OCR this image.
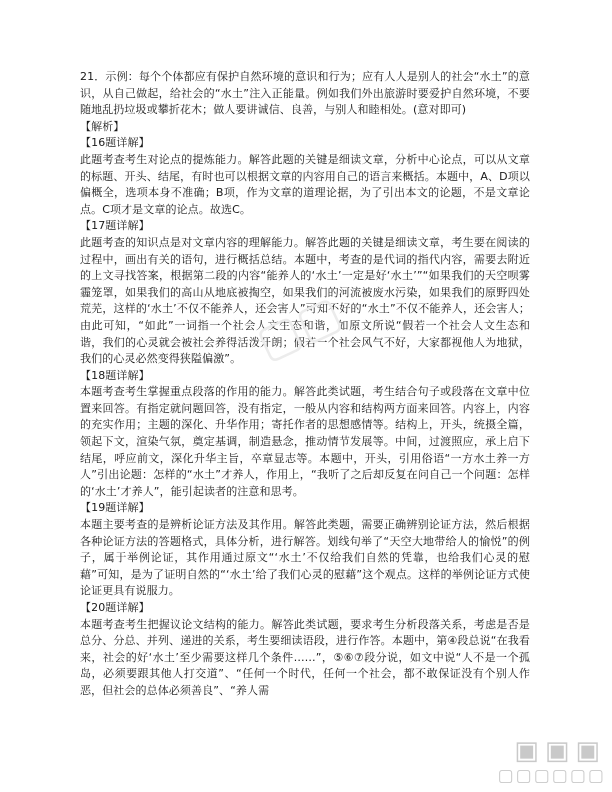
21．示例：每个个体都应有保护自然环境的意识和行为；应有人人是别人的社会“水土”的意识，从自己做起，给社会的“水土”注入正能量。例如我们外出旅游时要爱护自然环境，不要随地乱扔垃圾或攀折花木；做人要讲诚信、良善，与别人和睦相处。(意对即可)

【解析】

【16题详解】

此题考查考生对论点的提炼能力。解答此题的关键是细读文章，分析中心论点，可以从文章的标题、开头、结尾，有时也可以根据文章的内容用自己的语言来概括。本题中，A、D项以偏概全，选项本身不准确；B项，作为文章的道理论据，为了引出本文的论题，不是文章论点。C项才是文章的论点。故选C。

【17题详解】

此题考查的知识点是对文章内容的理解能力。解答此题的关键是细读文章，考生要在阅读的过程中，画出有关的语句，进行概括总结。本题中，考查的是代词的指代内容，需要去附近的上文寻找答案，根据第二段的内容“能养人的‘水土’一定是好‘水土’”“如果我们的天空呗雾霾笼罩，如果我们的高山从地底被掏空，如果我们的河流被废水污染，如果我们的原野四处荒芜，这样的‘水土’不仅不能养人，还会害人”可知不好的“水土”不仅不能养人，还会害人；由此可知，“如此”一词指一个社会人文生态和谐，如原文所说“假若一个社会人文生态和谐，我们的心灵就会被社会养得活泼开朗；假若一个社会风气不好，大家都视他人为地狱，我们的心灵必然变得狭隘偏激”。

【18题详解】

本题考查考生掌握重点段落的作用的能力。解答此类试题，考生结合句子或段落在文章中位置来回答。有指定就问题回答，没有指定，一般从内容和结构两方面来回答。内容上，内容的充实作用；主题的深化、升华作用；寄托作者的思想感情等。结构上，开头，统摄全篇，领起下文，渲染气氛，奠定基调，制造悬念，推动情节发展等。中间，过渡照应，承上启下结尾，呼应前文，深化升华主旨，卒章显志等。本题中，开头，引用俗语“一方水土养一方人”引出论题：怎样的“水土”才养人，作用上，“我听了之后却反复在问自己一个问题：怎样的‘水土’才养人”，能引起读者的注意和思考。

【19题详解】

本题主要考查的是辨析论证方法及其作用。解答此类题，需要正确辨别论证方法，然后根据各种论证方法的答题格式，具体分析，进行解答。划线句举了“天空大地带给人的愉悦”的例子，属于举例论证，其作用通过原文“‘水土’不仅给我们自然的凭靠，也给我们心灵的慰藉”可知，是为了证明自然的“‘水土’给了我们心灵的慰藉”这个观点。这样的举例论证方式使论证更具有说服力。

【20题详解】

本题考查考生把握议论文结构的能力。解答此类试题，要求考生分析段落关系，考虑是否是总分、分总、并列、递进的关系，考生要细读语段，进行作答。本题中，第④段总说“在我看来，社会的好‘水土’至少需要这样几个条件……”，⑤⑥⑦段分说，如文中说“人不是一个孤岛，必须要跟其他人打交道”、“任何一个时代，任何一个社会，都不敢保证没有个别人作恶，但社会的总体必须善良”、“养人需

▢▢
▣▣▣
▢▢▢▢▢▢
